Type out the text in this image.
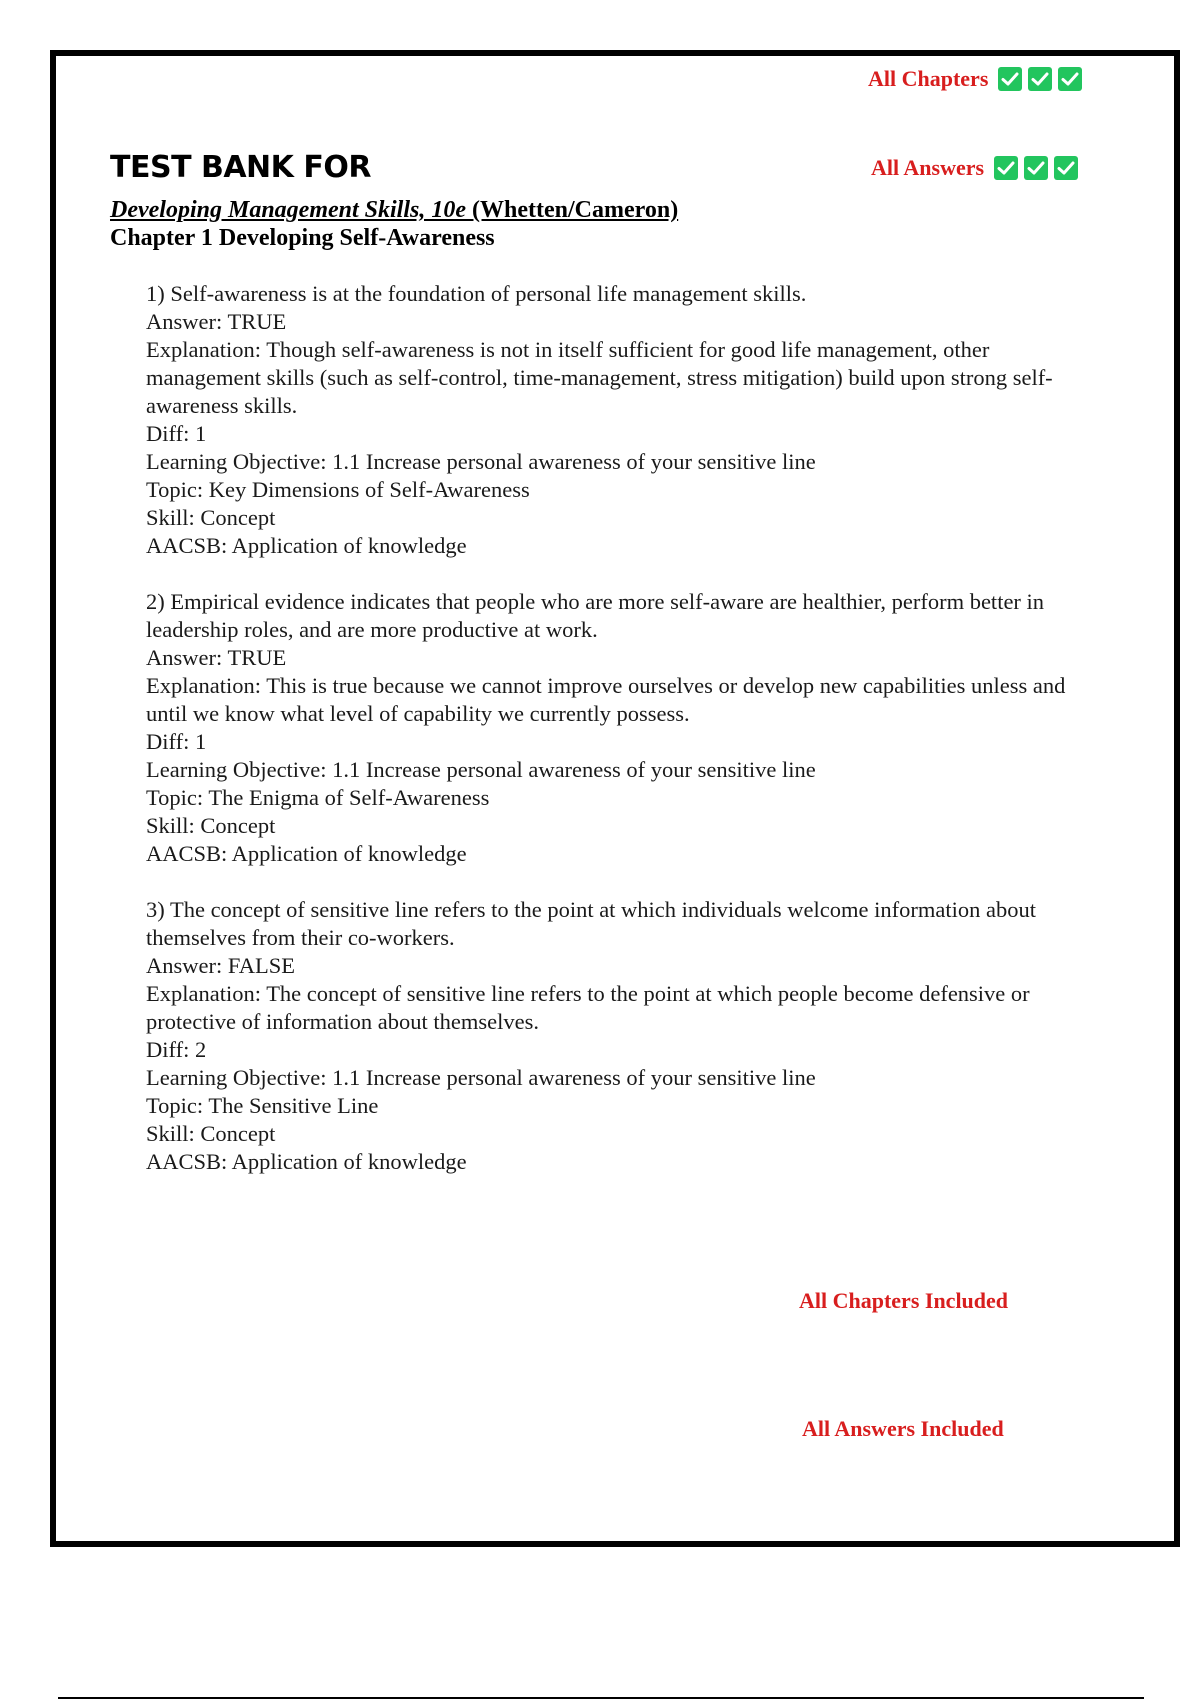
All Chapters
All Answers
TEST BANK FOR
Developing Management Skills, 10e (Whetten/Cameron)
Chapter 1 Developing Self-Awareness

1) Self-awareness is at the foundation of personal life management skills.

Answer: TRUE

Explanation: Though self-awareness is not in itself sufficient for good life management, other management skills (such as self-control, time-management, stress mitigation) build upon strong self-awareness skills.

Diff: 1

Learning Objective: 1.1 Increase personal awareness of your sensitive line

Topic: Key Dimensions of Self-Awareness

Skill: Concept

AACSB: Application of knowledge

2) Empirical evidence indicates that people who are more self-aware are healthier, perform better in leadership roles, and are more productive at work.

Answer: TRUE

Explanation: This is true because we cannot improve ourselves or develop new capabilities unless and until we know what level of capability we currently possess.

Diff: 1

Learning Objective: 1.1 Increase personal awareness of your sensitive line

Topic: The Enigma of Self-Awareness

Skill: Concept

AACSB: Application of knowledge

3) The concept of sensitive line refers to the point at which individuals welcome information about themselves from their co-workers.

Answer: FALSE

Explanation: The concept of sensitive line refers to the point at which people become defensive or protective of information about themselves.

Diff: 2

Learning Objective: 1.1 Increase personal awareness of your sensitive line

Topic: The Sensitive Line

Skill: Concept

AACSB: Application of knowledge

All Chapters Included
All Answers Included
